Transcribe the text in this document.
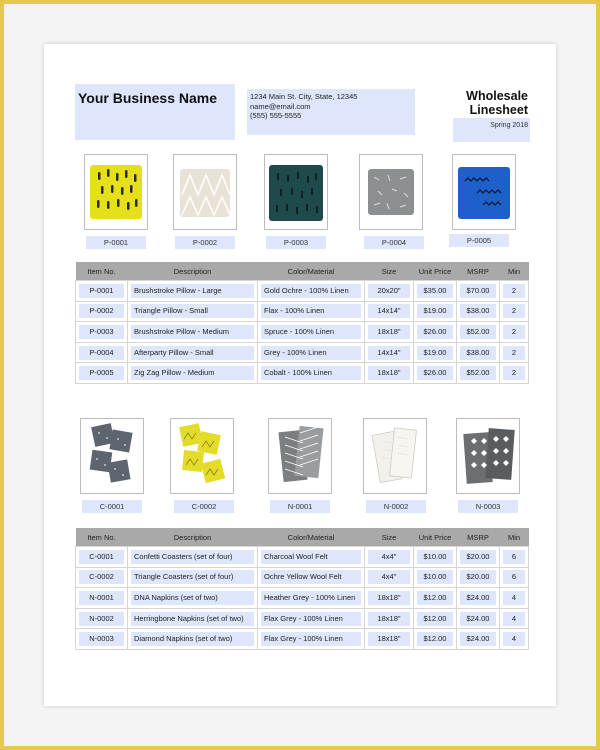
Your Business Name	1234 Main St. City, State, 12345
name@email.com
(555) 555-5555
Spring 2018
Wholesale
Linesheet
P-0001	P-0002	P-0003	P-0004	P-0005
Item No.	Description	Color/Material	Size	Unit Price	MSRP	Min

P-0001	Brushstroke Pillow - Large	Gold Ochre - 100% Linen	20x20"	$35.00	$70.00	2

P-0002	Triangle Pillow - Small	Flax - 100% Linen	14x14"	$19.00	$38.00	2

P-0003	Brushstroke Pillow - Medium	Spruce - 100% Linen	18x18"	$26.00	$52.00	2

P-0004	Afterparty Pillow - Small	Grey - 100% Linen	14x14"	$19.00	$38.00	2

P-0005	Zig Zag Pillow - Medium	Cobalt - 100% Linen	18x18"	$26.00	$52.00	2
C-0001	C-0002	N-0001	N-0002	N-0003
Item No.	Description	Color/Material	Size	Unit Price	MSRP	Min

C-0001	Confetti Coasters (set of four)	Charcoal Wool Felt	4x4"	$10.00	$20.00	6

C-0002	Triangle Coasters (set of four)	Ochre Yellow Wool Felt	4x4"	$10.00	$20.00	6

N-0001	DNA Napkins (set of two)	Heather Grey - 100% Linen	18x18"	$12.00	$24.00	4

N-0002	Herringbone Napkins (set of two)	Flax Grey - 100% Linen	18x18"	$12.00	$24.00	4

N-0003	Diamond Napkins (set of two)	Flax Grey - 100% Linen	18x18"	$12.00	$24.00	4
